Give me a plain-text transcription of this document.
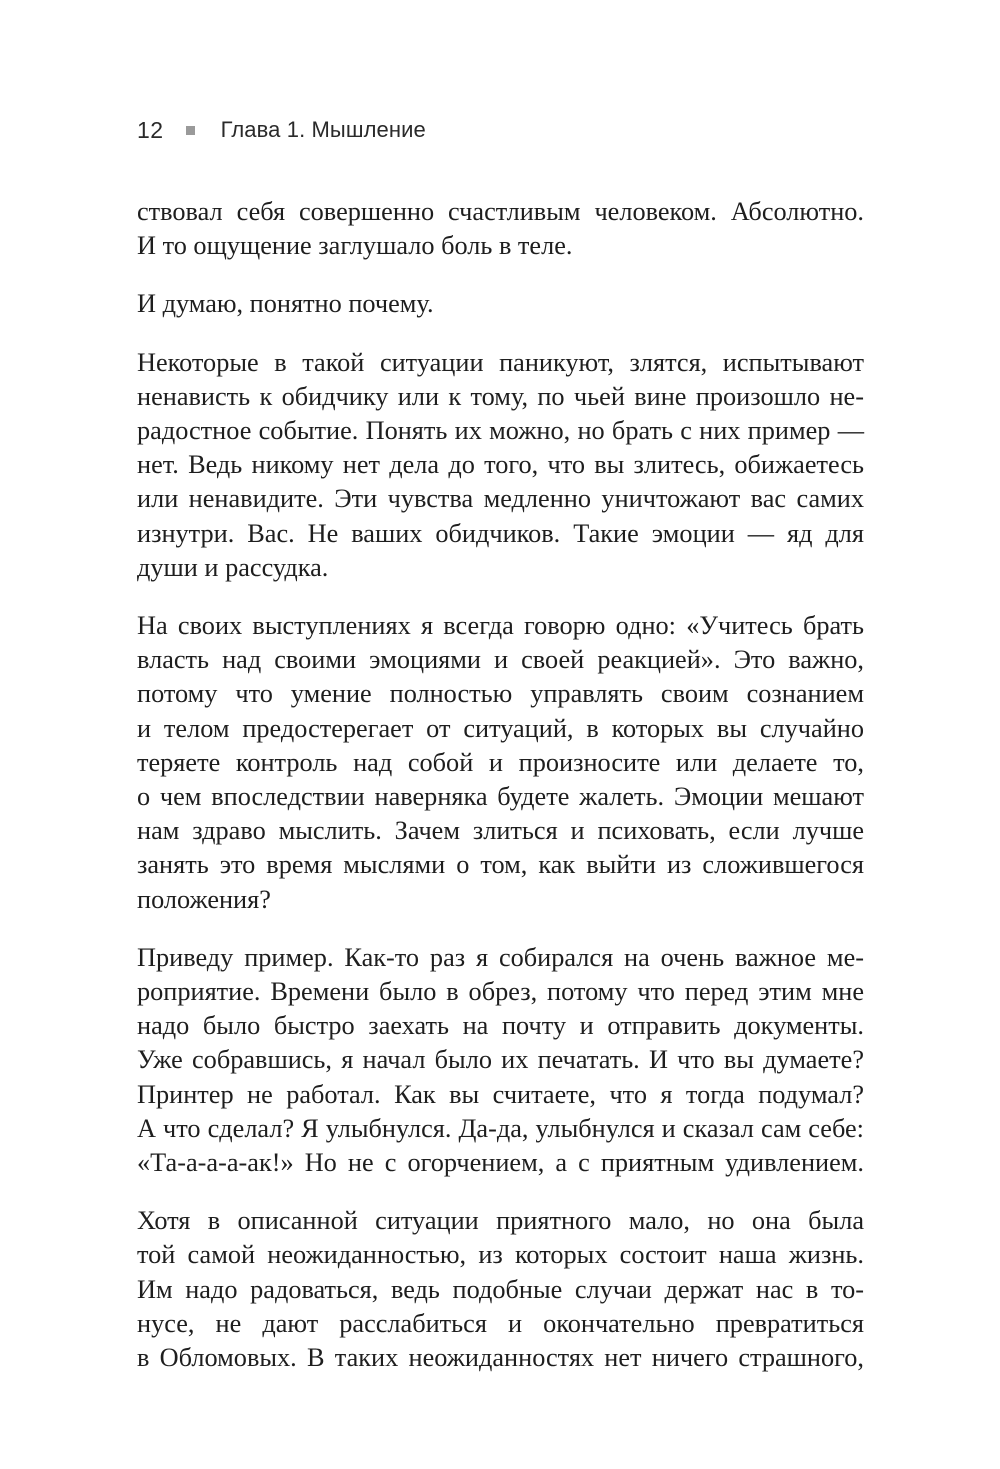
12	Глава 1. Мышление

ствовал себя совершенно счастливым человеком. Абсолютно.
И то ощущение заглушало боль в теле.

И думаю, понятно почему.

Некоторые в такой ситуации паникуют, злятся, испытывают
ненависть к обидчику или к тому, по чьей вине произошло не-
радостное событие. Понять их можно, но брать с них пример —
нет. Ведь никому нет дела до того, что вы злитесь, обижаетесь
или ненавидите. Эти чувства медленно уничтожают вас самих
изнутри. Вас. Не ваших обидчиков. Такие эмоции — яд для
души и рассудка.

На своих выступлениях я всегда говорю одно: «Учитесь брать
власть над своими эмоциями и своей реакцией». Это важно,
потому что умение полностью управлять своим сознанием
и телом предостерегает от ситуаций, в которых вы случайно
теряете контроль над собой и произносите или делаете то,
о чем впоследствии наверняка будете жалеть. Эмоции мешают
нам здраво мыслить. Зачем злиться и психовать, если лучше
занять это время мыслями о том, как выйти из сложившегося
положения?

Приведу пример. Как-то раз я собирался на очень важное ме-
роприятие. Времени было в обрез, потому что перед этим мне
надо было быстро заехать на почту и отправить документы.
Уже собравшись, я начал было их печатать. И что вы думаете?
Принтер не работал. Как вы считаете, что я тогда подумал?
А что сделал? Я улыбнулся. Да-да, улыбнулся и сказал сам себе:
«Та-а-а-а-ак!» Но не с огорчением, а с приятным удивлением.

Хотя в описанной ситуации приятного мало, но она была
той самой неожиданностью, из которых состоит наша жизнь.
Им надо радоваться, ведь подобные случаи держат нас в то-
нусе, не дают расслабиться и окончательно превратиться
в Обломовых. В таких неожиданностях нет ничего страшного,
